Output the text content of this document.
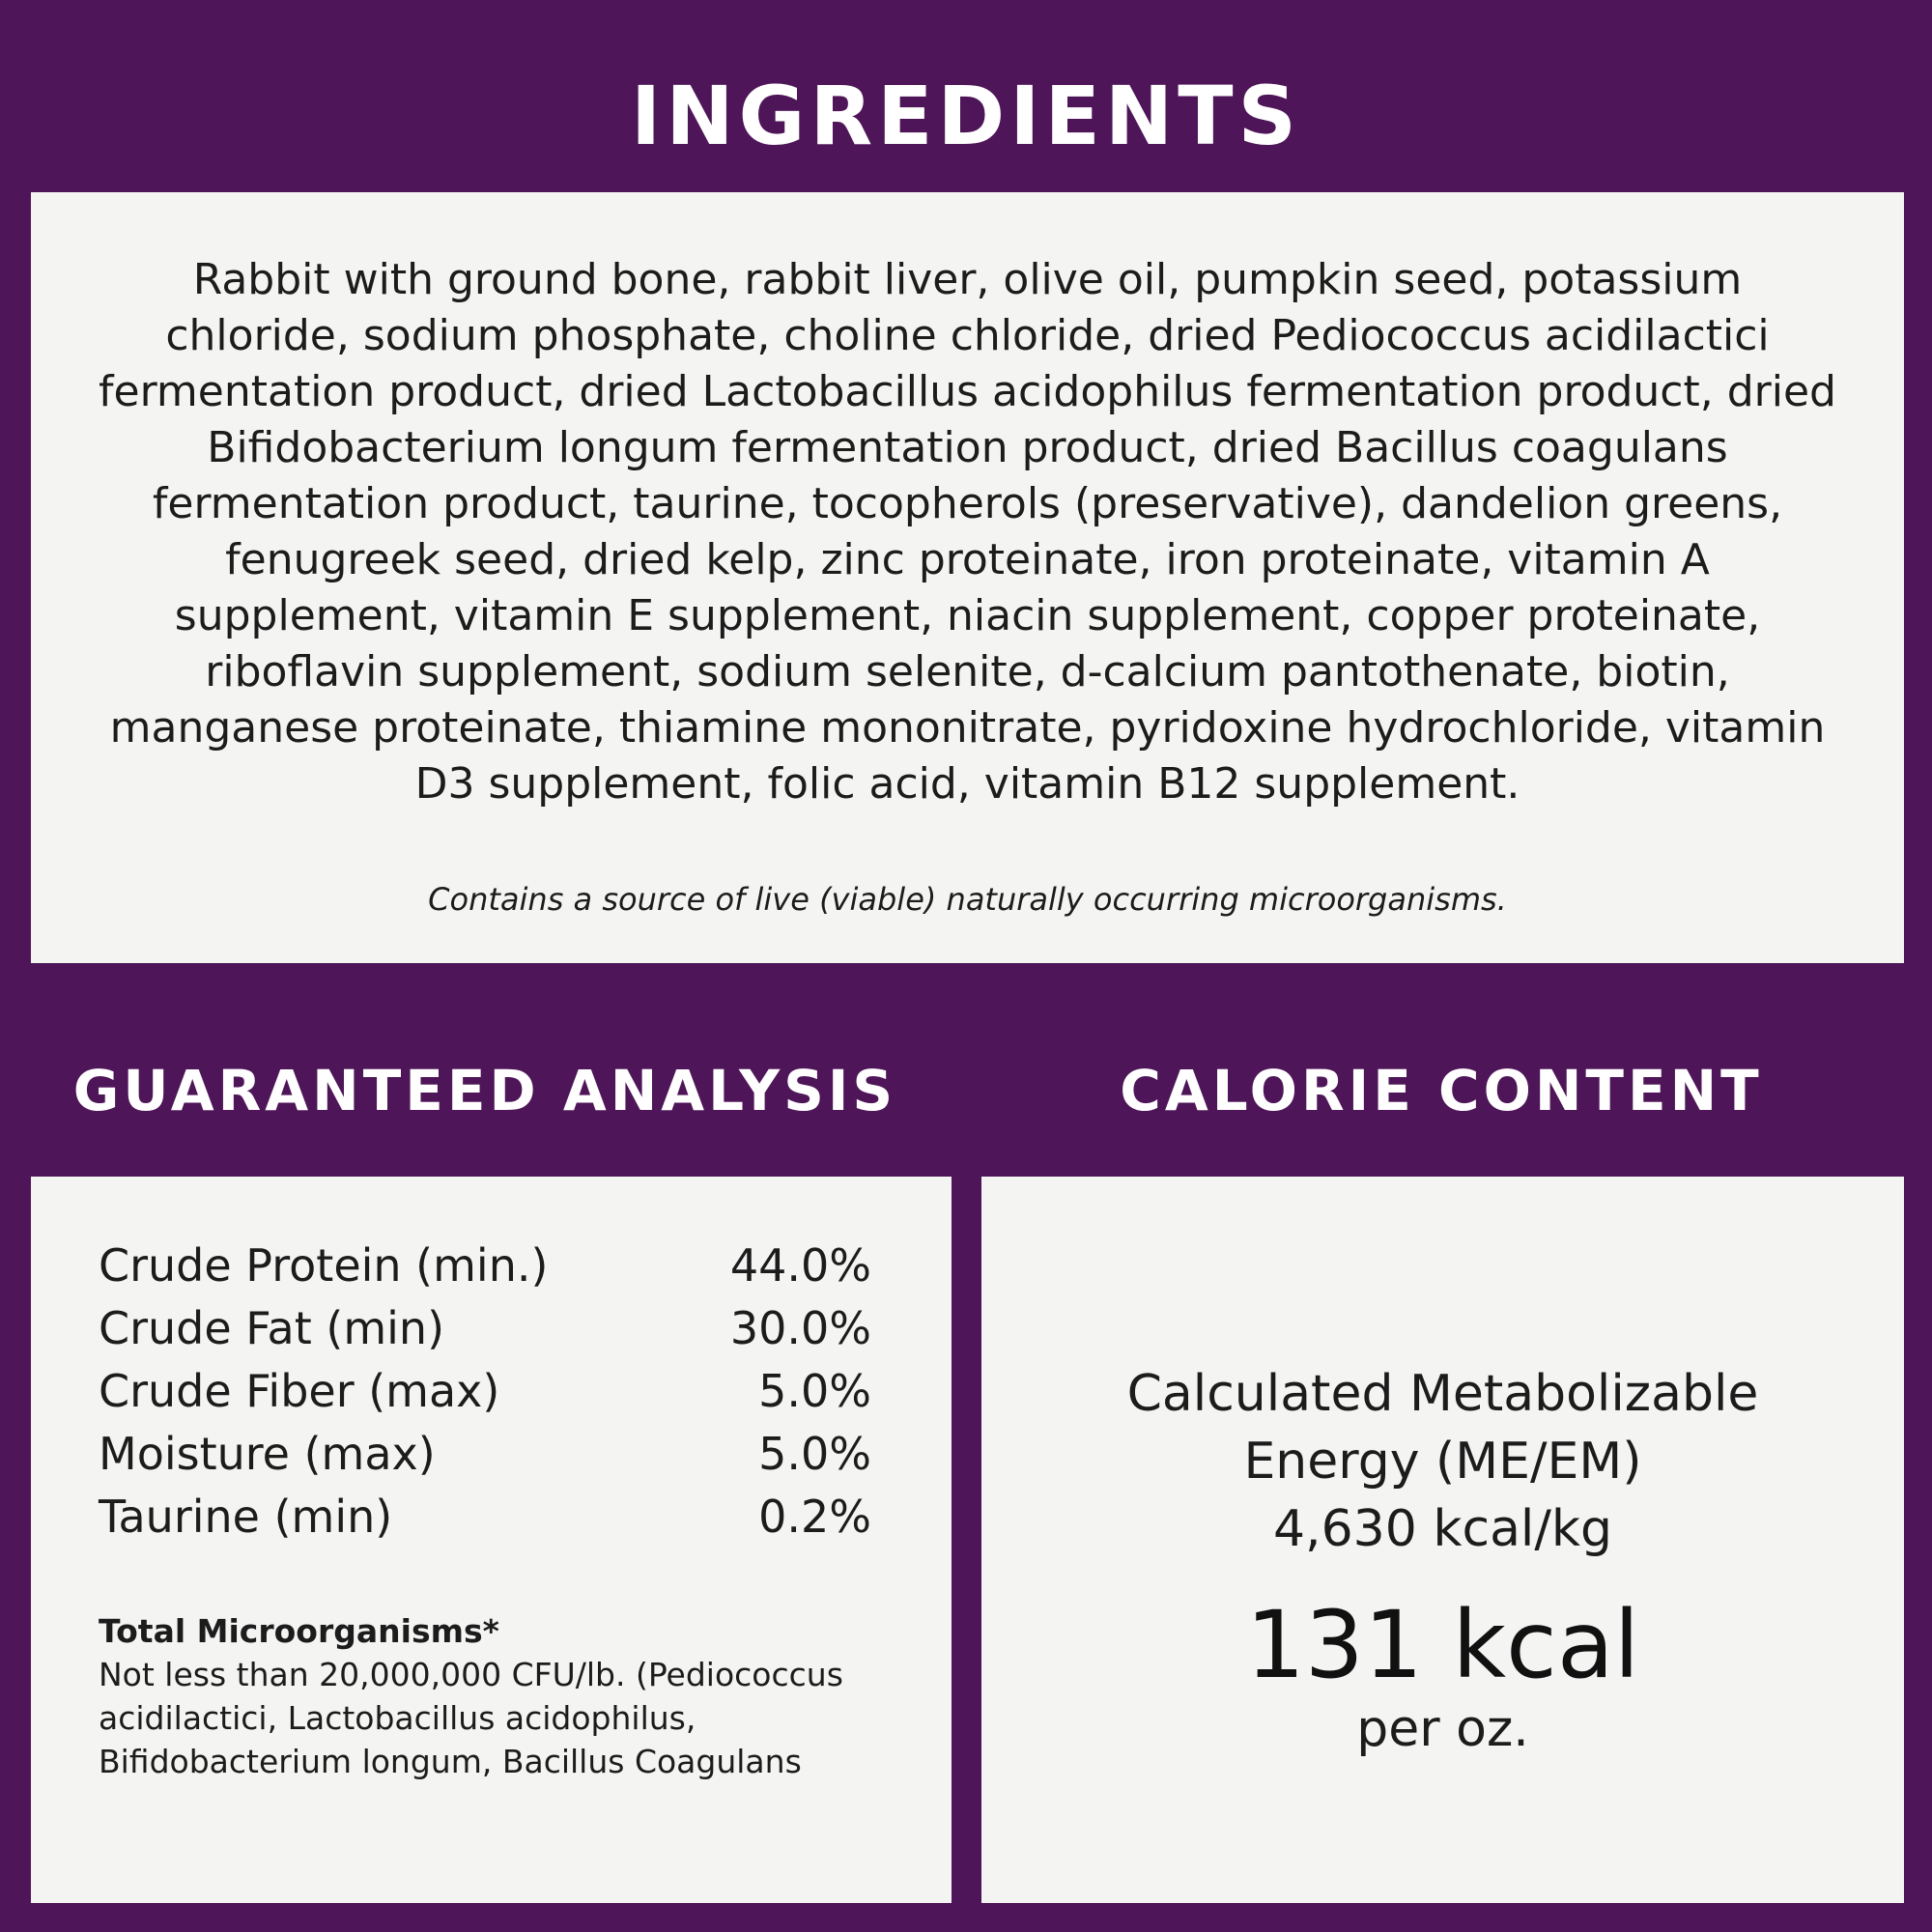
INGREDIENTS

Rabbit with ground bone, rabbit liver, olive oil, pumpkin seed, potassium chloride, sodium phosphate, choline chloride, dried Pediococcus acidilactici fermentation product, dried Lactobacillus acidophilus fermentation product, dried Bifidobacterium longum fermentation product, dried Bacillus coagulans fermentation product, taurine, tocopherols (preservative), dandelion greens, fenugreek seed, dried kelp, zinc proteinate, iron proteinate, vitamin A supplement, vitamin E supplement, niacin supplement, copper proteinate, riboflavin supplement, sodium selenite, d-calcium pantothenate, biotin, manganese proteinate, thiamine mononitrate, pyridoxine hydrochloride, vitamin D3 supplement, folic acid, vitamin B12 supplement.

Contains a source of live (viable) naturally occurring microorganisms.

GUARANTEED ANALYSIS	CALORIE CONTENT
Crude Protein (min.)	44.0%
Crude Fat (min)	30.0%
Crude Fiber (max)	5.0%
Moisture (max)	5.0%
Taurine (min)	0.2%
Total Microorganisms*
Not less than 20,000,000 CFU/lb. (Pediococcus acidilactici, Lactobacillus acidophilus, Bifidobacterium longum, Bacillus Coagulans
Calculated Metabolizable
Energy (ME/EM)
4,630 kcal/kg
131 kcal
per oz.
